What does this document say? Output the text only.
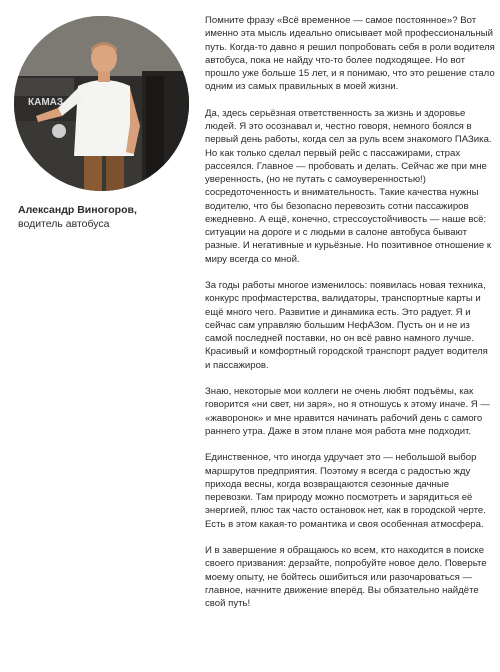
КАМАЗ
Александр Виногоров,
водитель автобуса

Помните фразу «Всё временное — самое постоянное»? Вот именно эта мысль идеально описывает мой профессиональный путь. Когда-то давно я решил попробовать себя в роли водителя автобуса, пока не найду что-то более подходящее. Но вот прошло уже больше 15 лет, и я понимаю, что это решение стало одним из самых правильных в моей жизни.

Да, здесь серьёзная ответственность за жизнь и здоровье людей. Я это осознавал и, честно говоря, немного боялся в первый день работы, когда сел за руль всем знакомого ПАЗика. Но как только сделал первый рейс с пассажирами, страх рассеялся. Главное — пробовать и делать. Сейчас же при мне уверенность, (но не путать с самоуверенностью!) сосредоточенность и внимательность. Такие качества нужны водителю, что бы безопасно перевозить сотни пассажиров ежедневно. А ещё, конечно, стрессоустойчивость — наше всё: ситуации на дороге и с людьми в салоне автобуса бывают разные. И негативные и курьёзные. Но позитивное отношение к миру всегда со мной.

За годы работы многое изменилось: появилась новая техника, конкурс профмастерства, валидаторы, транспортные карты и ещё много чего. Развитие и динамика есть. Это радует. Я и сейчас сам управляю большим НефАЗом. Пусть он и не из самой последней поставки, но он всё равно намного лучше. Красивый и комфортный городской транспорт радует водителя и пассажиров.

Знаю, некоторые мои коллеги не очень любят подъёмы, как говорится «ни свет, ни заря», но я отношусь к этому иначе. Я — «жаворонок» и мне нравится начинать рабочий день с самого раннего утра. Даже в этом плане моя работа мне подходит.

Единственное, что иногда удручает это — небольшой выбор маршрутов предприятия. Поэтому я всегда с радостью жду прихода весны, когда возвращаются сезонные дачные перевозки. Там природу можно посмотреть и зарядиться её энергией, плюс так часто остановок нет, как в городской черте. Есть в этом какая-то романтика и своя особенная атмосфера.

И в завершение я обращаюсь ко всем, кто находится в поиске своего призвания: дерзайте, попробуйте новое дело. Поверьте моему опыту, не бойтесь ошибиться или разочароваться — главное, начните движение вперёд. Вы обязательно найдёте свой путь!
